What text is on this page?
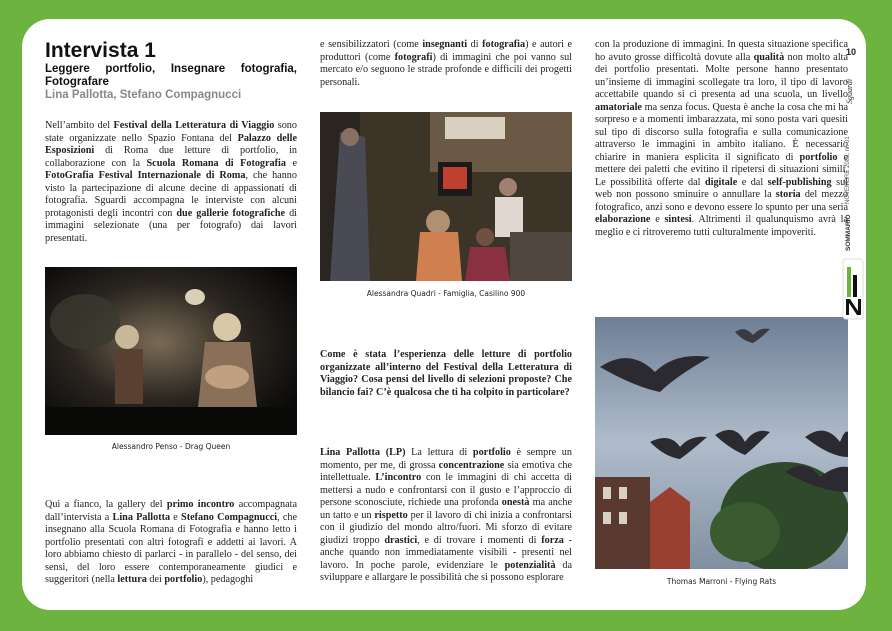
Intervista 1

Leggere portfolio, Insegnare fotografia, Fotografare

Lina Pallotta, Stefano Compagnucci

Nell’ambito del Festival della Letteratura di Viaggio sono state organizzate nello Spazio Fontana del Palazzo delle Esposizioni di Roma due letture di portfolio, in collaborazione con la Scuola Romana di Fotografia e FotoGrafia Festival Internazionale di Roma, che hanno visto la partecipazione di alcune decine di appassionati di fotografia. Sguardi accompagna le interviste con alcuni protagonisti degli incontri con due gallerie fotografiche di immagini selezionate (una per fotografo) dai lavori presentati.

Alessandro Penso - Drag Queen

Qui a fianco, la gallery del primo incontro accompagnata dall’intervista a Lina Pallotta e Stefano Compagnucci, che insegnano alla Scuola Romana di Fotografia e hanno letto i portfolio presentati con altri fotografi e addetti ai lavori. A loro abbiamo chiesto di parlarci - in parallelo - del senso, dei sensi, del loro essere contemporaneamente giudici e suggeritori (nella lettura dei portfolio), pedagoghi

e sensibilizzatori (come insegnanti di fotografia) e autori e produttori (come fotografi) di immagini che poi vanno sul mercato e/o seguono le strade profonde e difficili dei progetti personali.

Alessandra Quadri - Famiglia, Casilino 900

Come è stata l’esperienza delle letture di portfolio organizzate all’interno del Festival della Letteratura di Viaggio? Cosa pensi del livello di selezioni proposte? Che bilancio fai? C’è qualcosa che ti ha colpito in particolare?

Lina Pallotta (LP) La lettura di portfolio è sempre un momento, per me, di grossa concentrazione sia emotiva che intellettuale. L’incontro con le immagini di chi accetta di mettersi a nudo e confrontarsi con il gusto e l’approccio di persone sconosciute, richiede una profonda onestà ma anche un tatto e un rispetto per il lavoro di chi inizia a confrontarsi con il giudizio del mondo altro/fuori. Mi sforzo di evitare giudizi troppo drastici, e di trovare i momenti di forza - anche quando non immediatamente visibili - presenti nel lavoro. In poche parole, evidenziare le potenzialità da sviluppare e allargare le possibilità che si possono esplorare

con la produzione di immagini. In questa situazione specifica ho avuto grosse difficoltà dovute alla qualità non molto alta dei portfolio presentati. Molte persone hanno presentato un’insieme di immagini scollegate tra loro, il tipo di lavoro accettabile quando si ci presenta ad una scuola, un livello amatoriale ma senza focus. Questa è anche la cosa che mi ha sorpreso e a momenti imbarazzata, mi sono posta vari quesiti sul tipo di discorso sulla fotografia e sulla comunicazione attraverso le immagini in ambito italiano. È necessario chiarire in maniera esplicita il significato di portfolio e mettere dei paletti che evitino il ripetersi di situazioni simili. Le possibilità offerte dal digitale e dal self-publishing sul web non possono sminuire o annullare la storia del mezzo fotografico, anzi sono e devono essere lo spunto per una seria elaborazione e sintesi. Altrimenti il qualunquismo avrà la meglio e ci ritroveremo tutti culturalmente impoveriti.

Thomas Marroni - Flying Rats
10
Sguardi
NOVEMBRE 2008, nr. 01
SOMMARIO
